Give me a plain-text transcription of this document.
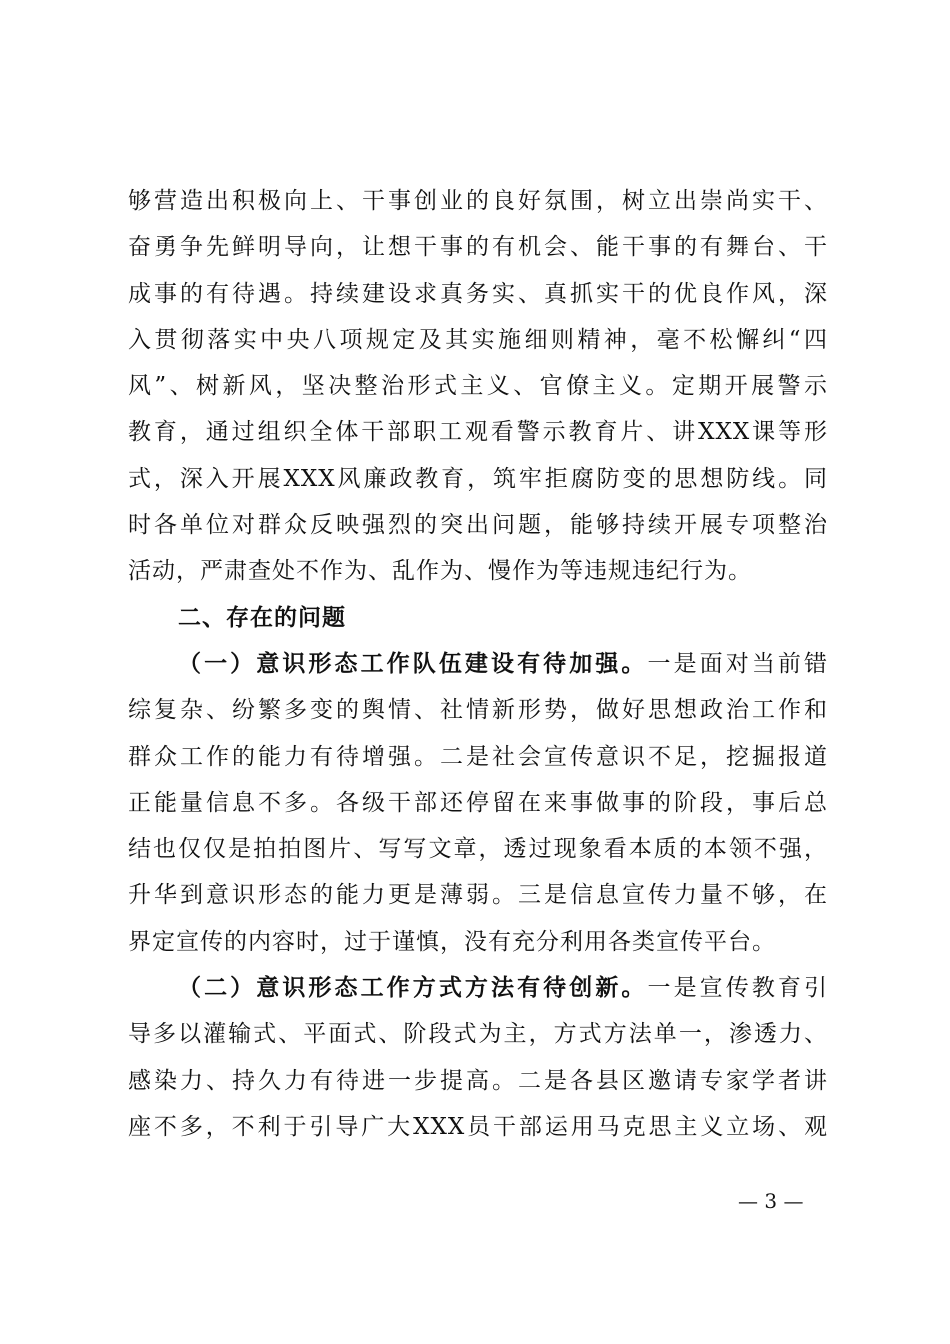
够营造出积极向上、干事创业的良好氛围，树立出崇尚实干、
奋勇争先鲜明导向，让想干事的有机会、能干事的有舞台、干
成事的有待遇。持续建设求真务实、真抓实干的优良作风，深
入贯彻落实中央八项规定及其实施细则精神，毫不松懈纠“四
风”、树新风，坚决整治形式主义、官僚主义。定期开展警示
教育，通过组织全体干部职工观看警示教育片、讲XXX课等形
式，深入开展XXX风廉政教育，筑牢拒腐防变的思想防线。同
时各单位对群众反映强烈的突出问题，能够持续开展专项整治
活动，严肃查处不作为、乱作为、慢作为等违规违纪行为。
二、存在的问题
（一）意识形态工作队伍建设有待加强。一是面对当前错
综复杂、纷繁多变的舆情、社情新形势，做好思想政治工作和
群众工作的能力有待增强。二是社会宣传意识不足，挖掘报道
正能量信息不多。各级干部还停留在来事做事的阶段，事后总
结也仅仅是拍拍图片、写写文章，透过现象看本质的本领不强，
升华到意识形态的能力更是薄弱。三是信息宣传力量不够，在
界定宣传的内容时，过于谨慎，没有充分利用各类宣传平台。
（二）意识形态工作方式方法有待创新。一是宣传教育引
导多以灌输式、平面式、阶段式为主，方式方法单一，渗透力、
感染力、持久力有待进一步提高。二是各县区邀请专家学者讲
座不多，不利于引导广大XXX员干部运用马克思主义立场、观
— 3 —
